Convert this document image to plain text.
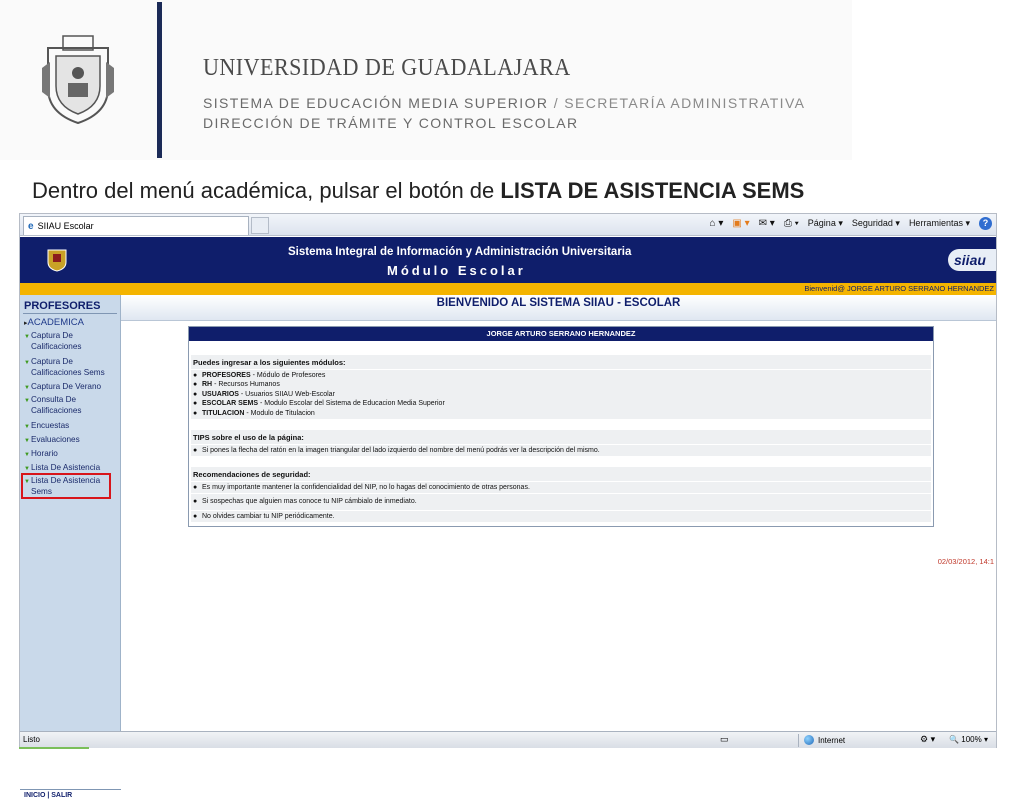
UNIVERSIDAD DE GUADALAJARA
SISTEMA DE EDUCACIÓN MEDIA SUPERIOR / SECRETARÍA ADMINISTRATIVA
DIRECCIÓN DE TRÁMITE Y CONTROL ESCOLAR
Dentro del menú académica, pulsar el botón de LISTA DE ASISTENCIA SEMS
e SIIAU Escolar	⌂ ▾ ▣ ▾ ✉ ▾ ⎙ ▾ Página ▾ Seguridad ▾ Herramientas ▾	?
Sistema Integral de Información y Administración Universitaria
Módulo Escolar
siiau
Bienvenid@ JORGE ARTURO SERRANO HERNANDEZ
PROFESORES
▸ACADEMICA
▼ Captura De Calificaciones
▼ Captura De Calificaciones Sems
▼ Captura De Verano
▼ Consulta De Calificaciones
▼ Encuestas
▼ Evaluaciones
▼ Horario
▼ Lista De Asistencia
▼ Lista De Asistencia Sems
INICIO | SALIR
BIENVENIDO AL SISTEMA SIIAU - ESCOLAR
JORGE ARTURO SERRANO HERNANDEZ
Puedes ingresar a los siguientes módulos:
● PROFESORES - Módulo de Profesores
● RH - Recursos Humanos
● USUARIOS - Usuarios SIIAU Web-Escolar
● ESCOLAR SEMS - Modulo Escolar del Sistema de Educacion Media Superior
● TITULACION - Modulo de Titulacion
TIPS sobre el uso de la página:
● Si pones la flecha del ratón en la imagen triangular del lado izquierdo del nombre del menú podrás ver la descripción del mismo.
Recomendaciones de seguridad:
● Es muy importante mantener la confidencialidad del NIP, no lo hagas del conocimiento de otras personas.
● Si sospechas que alguien mas conoce tu NIP cámbialo de inmediato.
● No olvides cambiar tu NIP periódicamente.
02/03/2012, 14:1
Listo	▭	Internet	⚙ ▾ 🔍 100% ▾
